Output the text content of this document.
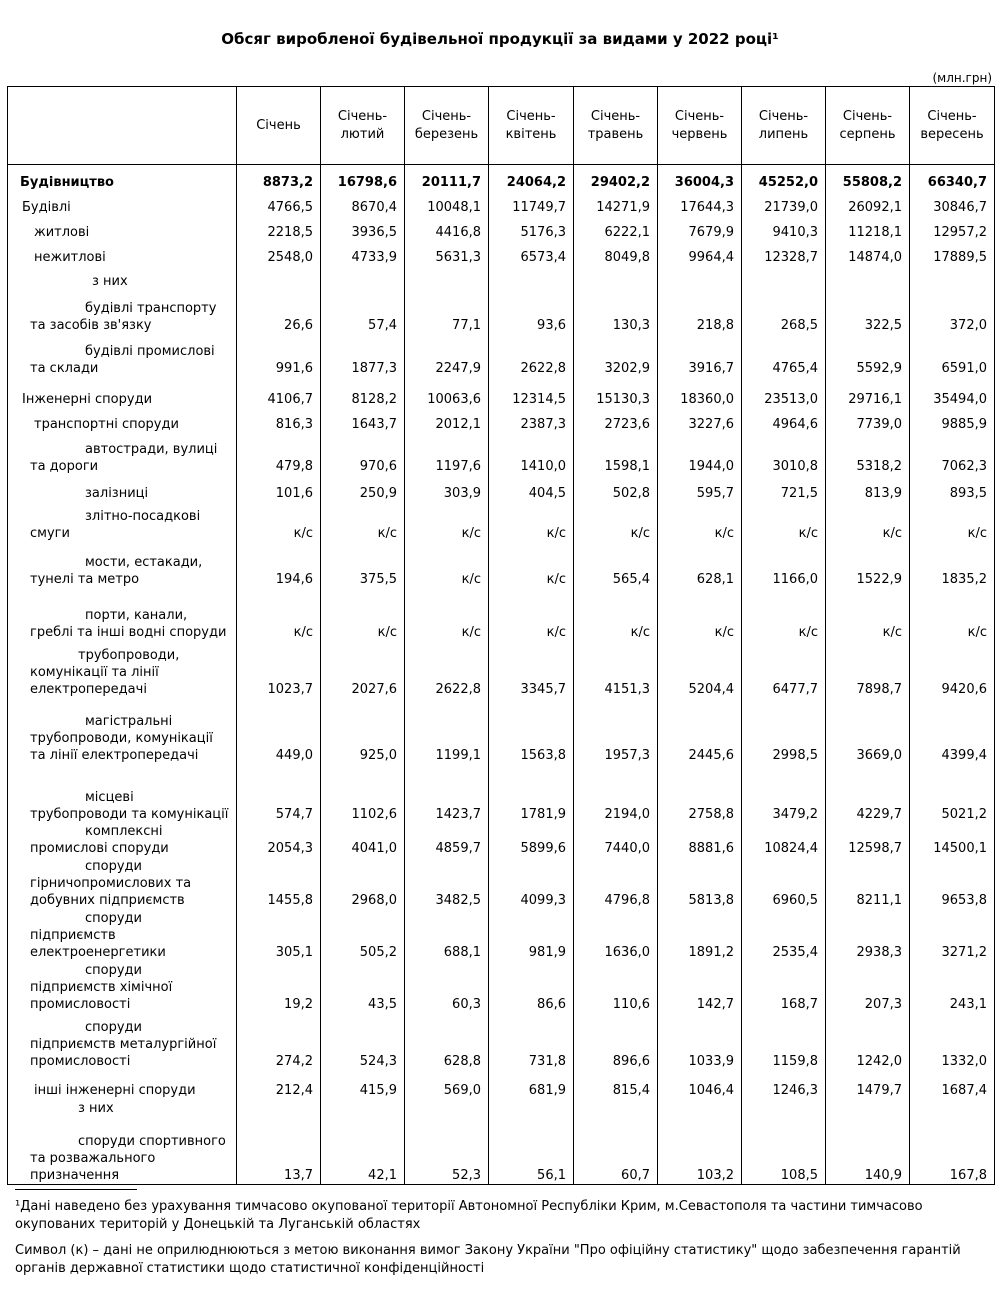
Обсяг виробленої будівельної продукції за видами у 2022 році¹
(млн.грн)
	Січень	Січень-лютий	Січень-березень	Січень-квітень	Січень-травень	Січень-червень	Січень-липень	Січень-серпень	Січень-вересень
Будівництво	8873,2	16798,6	20111,7	24064,2	29402,2	36004,3	45252,0	55808,2	66340,7
Будівлі	4766,5	8670,4	10048,1	11749,7	14271,9	17644,3	21739,0	26092,1	30846,7
житлові	2218,5	3936,5	4416,8	5176,3	6222,1	7679,9	9410,3	11218,1	12957,2
нежитлові	2548,0	4733,9	5631,3	6573,4	8049,8	9964,4	12328,7	14874,0	17889,5

з них									

будівлі транспорту та засобів зв'язку	26,6	57,4	77,1	93,6	130,3	218,8	268,5	322,5	372,0

будівлі промислові та склади	991,6	1877,3	2247,9	2622,8	3202,9	3916,7	4765,4	5592,9	6591,0
Інженерні споруди	4106,7	8128,2	10063,6	12314,5	15130,3	18360,0	23513,0	29716,1	35494,0
транспортні споруди	816,3	1643,7	2012,1	2387,3	2723,6	3227,6	4964,6	7739,0	9885,9

автостради, вулиці та дороги	479,8	970,6	1197,6	1410,0	1598,1	1944,0	3010,8	5318,2	7062,3

залізниці	101,6	250,9	303,9	404,5	502,8	595,7	721,5	813,9	893,5

злітно-посадкові смуги	к/с	к/с	к/с	к/с	к/с	к/с	к/с	к/с	к/с

мости, естакади, тунелі та метро	194,6	375,5	к/с	к/с	565,4	628,1	1166,0	1522,9	1835,2

порти, канали, греблі та інші водні споруди	к/с	к/с	к/с	к/с	к/с	к/с	к/с	к/с	к/с

трубопроводи, комунікації та лінії електропередачі	1023,7	2027,6	2622,8	3345,7	4151,3	5204,4	6477,7	7898,7	9420,6

магістральні трубопроводи, комунікації та лінії електропередачі	449,0	925,0	1199,1	1563,8	1957,3	2445,6	2998,5	3669,0	4399,4

місцеві трубопроводи та комунікації	574,7	1102,6	1423,7	1781,9	2194,0	2758,8	3479,2	4229,7	5021,2

комплексні промислові споруди	2054,3	4041,0	4859,7	5899,6	7440,0	8881,6	10824,4	12598,7	14500,1

споруди гірничопромислових та добувних підприємств	1455,8	2968,0	3482,5	4099,3	4796,8	5813,8	6960,5	8211,1	9653,8

споруди підприємств електроенергетики	305,1	505,2	688,1	981,9	1636,0	1891,2	2535,4	2938,3	3271,2

споруди підприємств хімічної промисловості	19,2	43,5	60,3	86,6	110,6	142,7	168,7	207,3	243,1

споруди підприємств металургійної промисловості	274,2	524,3	628,8	731,8	896,6	1033,9	1159,8	1242,0	1332,0
інші інженерні споруди	212,4	415,9	569,0	681,9	815,4	1046,4	1246,3	1479,7	1687,4

з них									

споруди спортивного та розважального призначення	13,7	42,1	52,3	56,1	60,7	103,2	108,5	140,9	167,8
¹Дані наведено без урахування тимчасово окупованої території Автономної Республіки Крим, м.Севастополя та частини тимчасово окупованих територій у Донецькій та Луганській областях
Символ (к) – дані не оприлюднюються з метою виконання вимог Закону України "Про офіційну статистику" щодо забезпечення гарантій органів державної статистики щодо статистичної конфіденційності
